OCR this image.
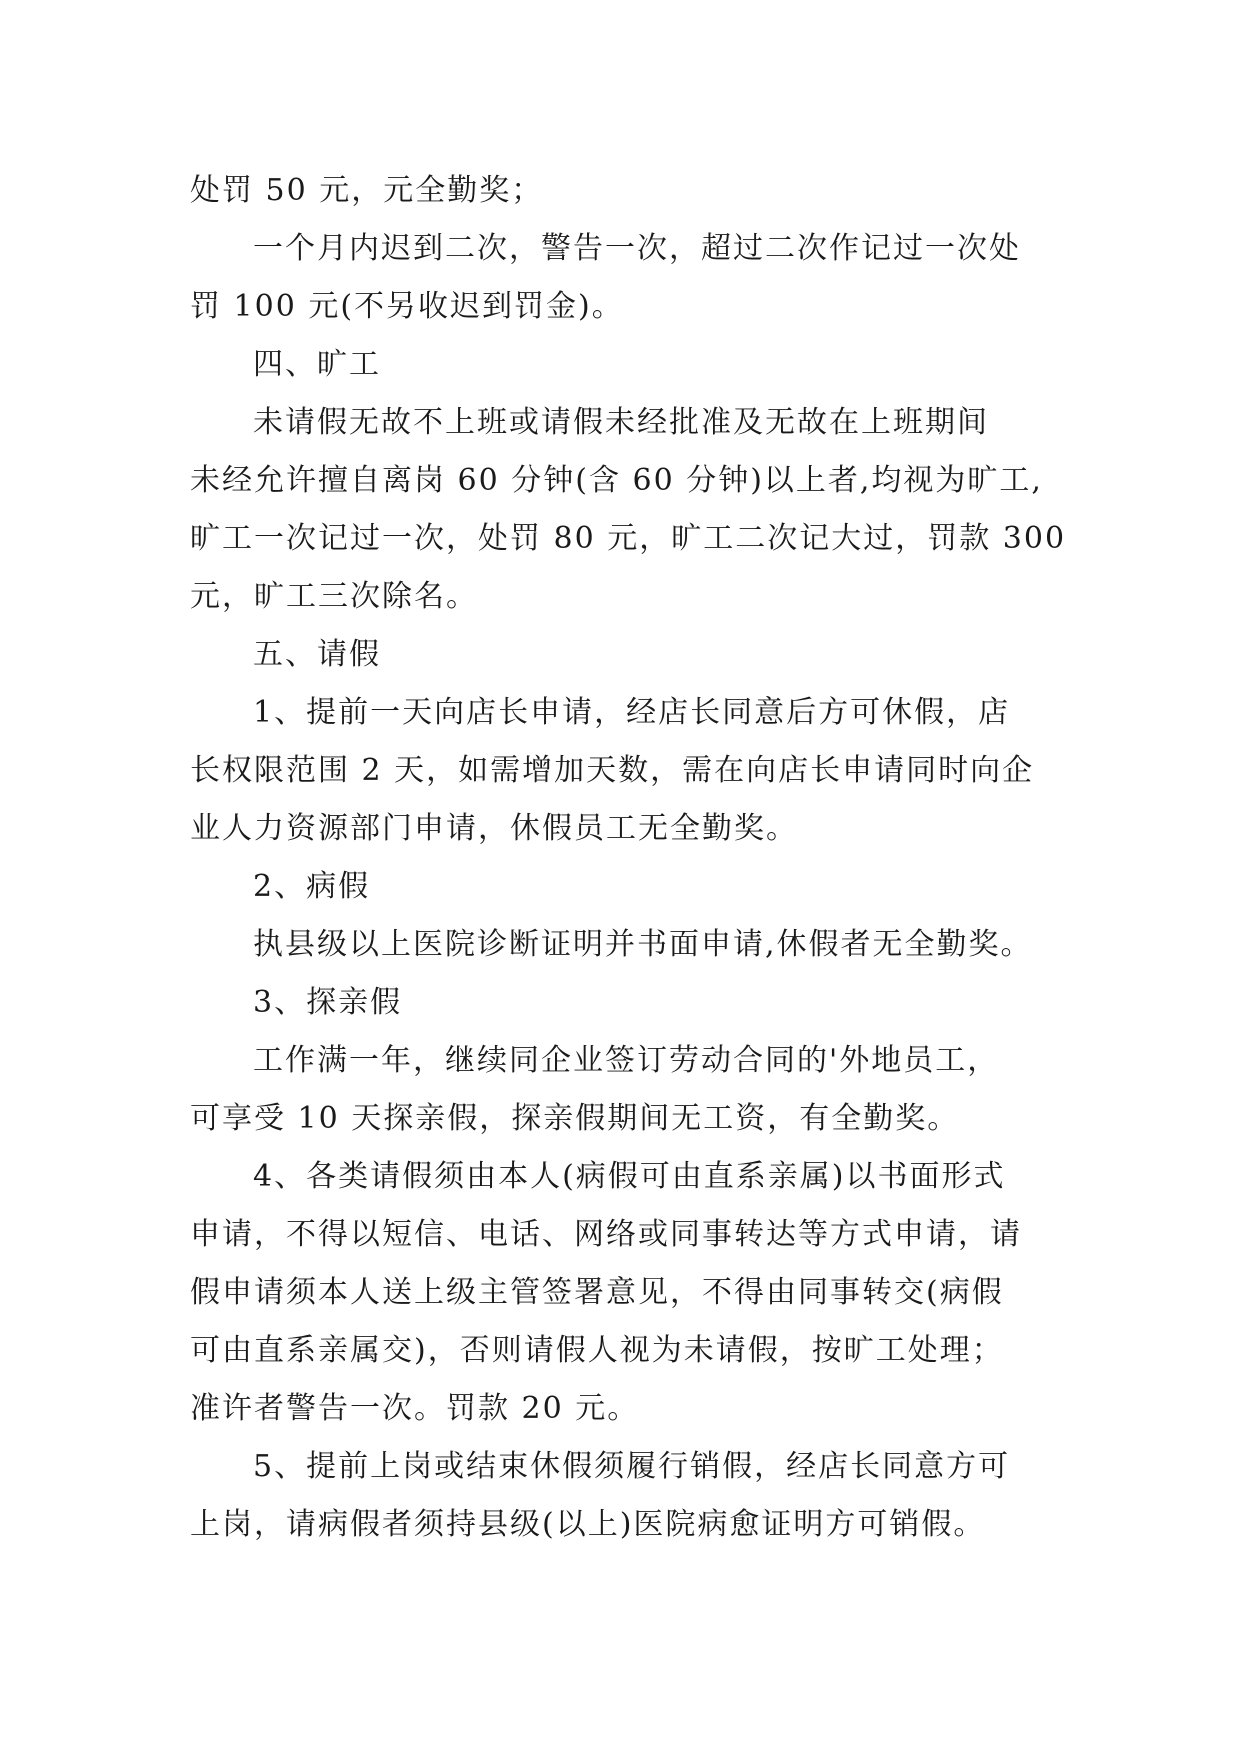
处罚 50 元，元全勤奖；
一个月内迟到二次，警告一次，超过二次作记过一次处
罚 100 元(不另收迟到罚金)。
四、旷工
未请假无故不上班或请假未经批准及无故在上班期间
未经允许擅自离岗 60 分钟(含 60 分钟)以上者,均视为旷工,
旷工一次记过一次，处罚 80 元，旷工二次记大过，罚款 300
元，旷工三次除名。
五、请假
1、提前一天向店长申请，经店长同意后方可休假，店
长权限范围 2 天，如需增加天数，需在向店长申请同时向企
业人力资源部门申请，休假员工无全勤奖。
2、病假
执县级以上医院诊断证明并书面申请,休假者无全勤奖。
3、探亲假
工作满一年，继续同企业签订劳动合同的'外地员工，
可享受 10 天探亲假，探亲假期间无工资，有全勤奖。
4、各类请假须由本人(病假可由直系亲属)以书面形式
申请，不得以短信、电话、网络或同事转达等方式申请，请
假申请须本人送上级主管签署意见，不得由同事转交(病假
可由直系亲属交)，否则请假人视为未请假，按旷工处理；
准许者警告一次。罚款 20 元。
5、提前上岗或结束休假须履行销假，经店长同意方可
上岗，请病假者须持县级(以上)医院病愈证明方可销假。
